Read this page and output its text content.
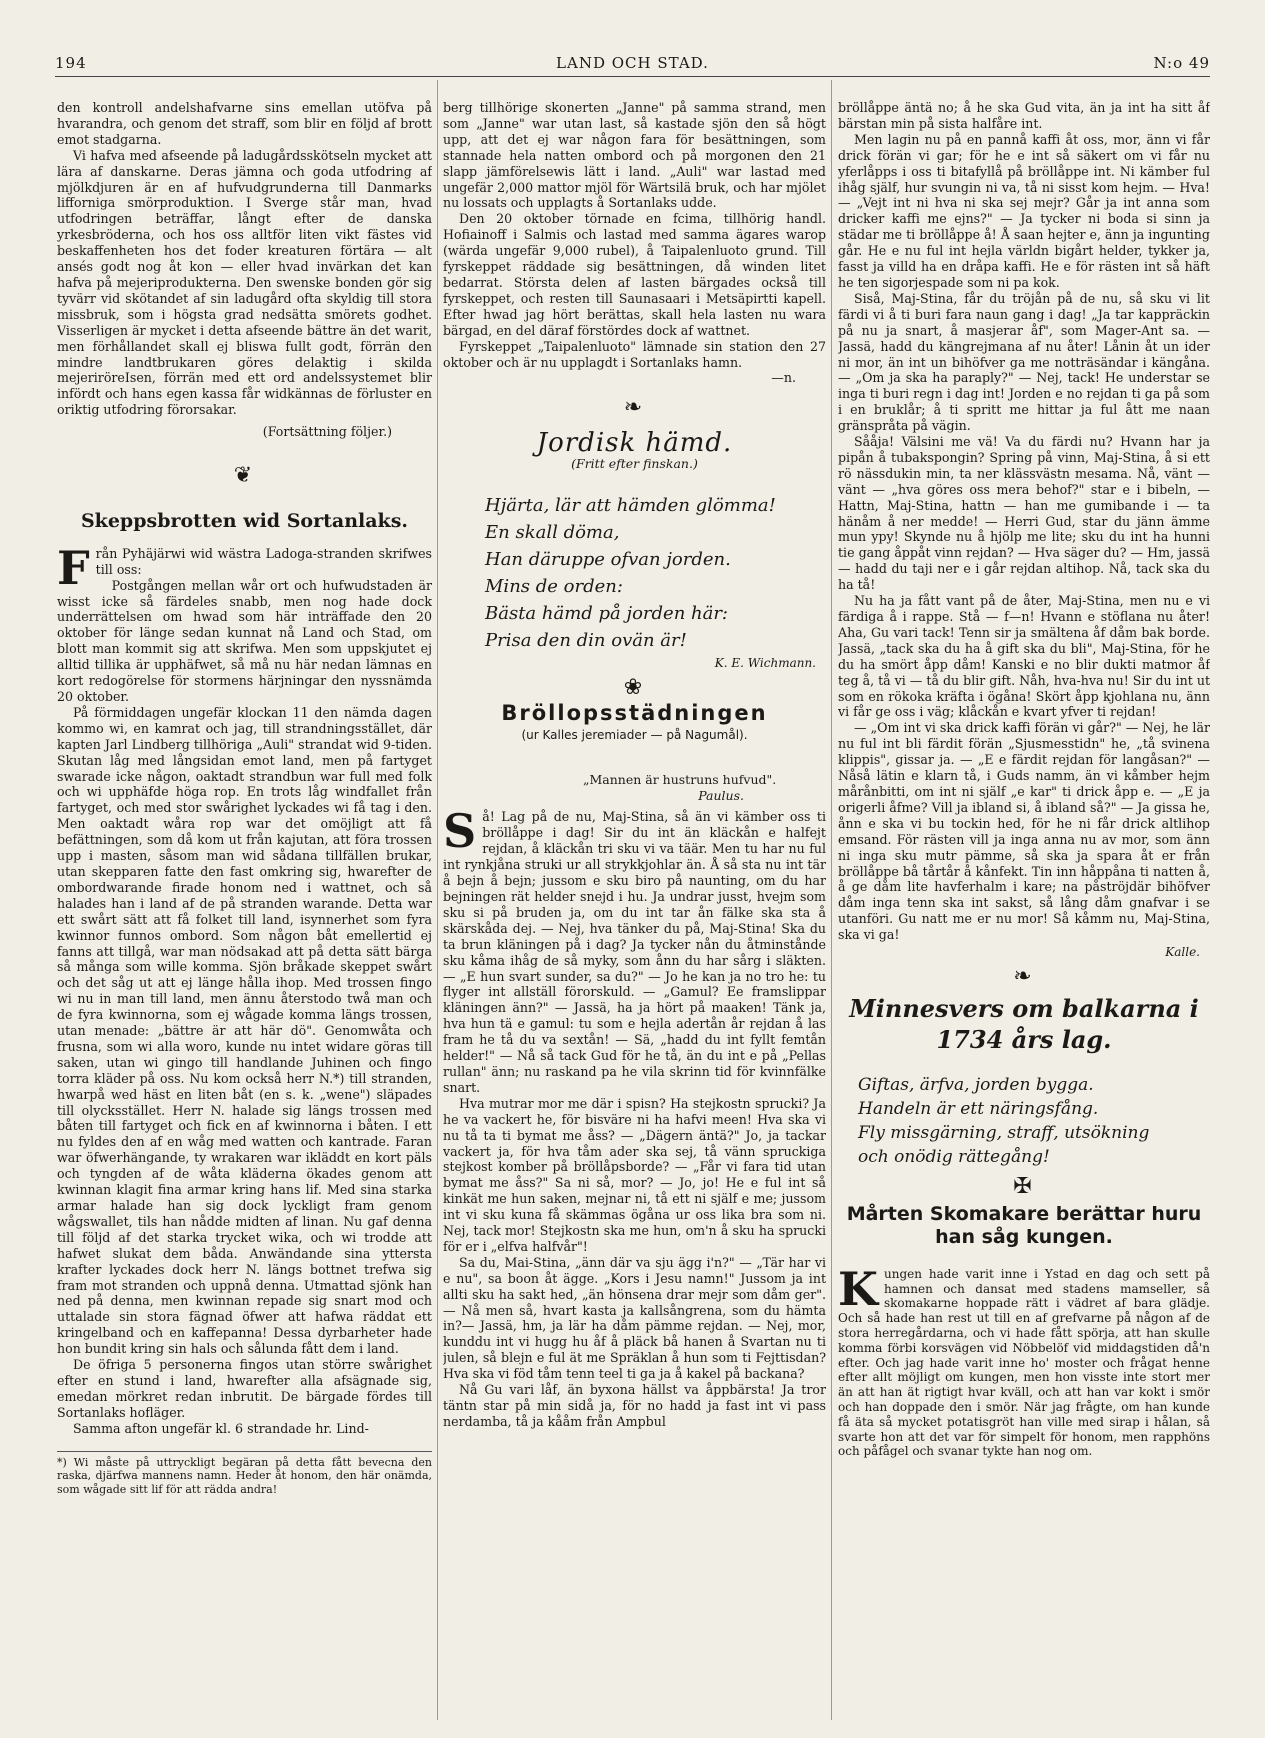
194	LAND OCH STAD.	N:o 49

den kontroll andelshafvarne sins emellan utöfva på hvarandra, och genom det straff, som blir en följd af brott emot stadgarna.

Vi hafva med afseende på ladugårdsskötseln mycket att lära af danskarne. Deras jämna och goda utfodring af mjölkdjuren är en af hufvudgrunderna till Danmarks lifforniga smörproduktion. I Sverge står man, hvad utfodringen beträffar, långt efter de danska yrkesbröderna, och hos oss alltför liten vikt fästes vid beskaffenheten hos det foder kreaturen förtära — alt ansés godt nog åt kon — eller hvad invärkan det kan hafva på mejeriprodukterna. Den swenske bonden gör sig tyvärr vid skötandet af sin ladugård ofta skyldig till stora missbruk, som i högsta grad nedsätta smörets godhet. Visserligen är mycket i detta afseende bättre än det warit, men förhållandet skall ej bliswa fullt godt, förrän den mindre landtbrukaren göres delaktig i skilda mejeriröreIsen, förrän med ett ord andelssystemet blir infördt och hans egen kassa får widkännas de förluster en oriktig utfodring förorsakar.

(Fortsättning följer.)

❦
Skeppsbrotten wid Sortanlaks.

Från Pyhäjärwi wid wästra Ladoga-stranden skrifwes till oss:

Postgången mellan wår ort och hufwudstaden är wisst icke så färdeles snabb, men nog hade dock underrättelsen om hwad som här inträffade den 20 oktober för länge sedan kunnat nå Land och Stad, om blott man kommit sig att skrifwa. Men som uppskjutet ej alltid tillika är upphäfwet, så må nu här nedan lämnas en kort redogörelse för stormens härjningar den nyssnämda 20 oktober.

På förmiddagen ungefär klockan 11 den nämda dagen kommo wi, en kamrat och jag, till strandningsstället, där kapten Jarl Lindberg tillhöriga „Auli" strandat wid 9-tiden. Skutan låg med långsidan emot land, men på fartyget swarade icke någon, oaktadt strandbun war full med folk och wi upphäfde höga rop. En trots låg windfallet från fartyget, och med stor swårighet lyckades wi få tag i den. Men oaktadt wåra rop war det omöjligt att få befättningen, som då kom ut från kajutan, att föra trossen upp i masten, såsom man wid sådana tillfällen brukar, utan skepparen fatte den fast omkring sig, hwarefter de ombordwarande firade honom ned i wattnet, och så halades han i land af de på stranden warande. Detta war ett swårt sätt att få folket till land, isynnerhet som fyra kwinnor funnos ombord. Som någon båt emellertid ej fanns att tillgå, war man nödsakad att på detta sätt bärga så många som wille komma. Sjön bråkade skeppet swårt och det såg ut att ej länge hålla ihop. Med trossen fingo wi nu in man till land, men ännu återstodo twå man och de fyra kwinnorna, som ej wågade komma längs trossen, utan menade: „bättre är att här dö". Genomwåta och frusna, som wi alla woro, kunde nu intet widare göras till saken, utan wi gingo till handlande Juhinen och fingo torra kläder på oss. Nu kom också herr N.*) till stranden, hwarpå wed häst en liten båt (en s. k. „wene") släpades till olycksstället. Herr N. halade sig längs trossen med båten till fartyget och fick en af kwinnorna i båten. I ett nu fyldes den af en wåg med watten och kantrade. Faran war öfwerhängande, ty wrakaren war ikläddt en kort päls och tyngden af de wåta kläderna ökades genom att kwinnan klagit fina armar kring hans lif. Med sina starka armar halade han sig dock lyckligt fram genom wågswallet, tils han nådde midten af linan. Nu gaf denna till följd af det starka trycket wika, och wi trodde att hafwet slukat dem båda. Anwändande sina yttersta krafter lyckades dock herr N. längs bottnet trefwa sig fram mot stranden och uppnå denna. Utmattad sjönk han ned på denna, men kwinnan repade sig snart mod och uttalade sin stora fägnad öfwer att hafwa räddat ett kringelband och en kaffepanna! Dessa dyrbarheter hade hon bundit kring sin hals och sålunda fått dem i land.

De öfriga 5 personerna fingos utan större swårighet efter en stund i land, hwarefter alla afsägnade sig, emedan mörkret redan inbrutit. De bärgade fördes till Sortanlaks hofläger.

Samma afton ungefär kl. 6 strandade hr. Lind-

*) Wi måste på uttryckligt begäran på detta fått bevecna den raska, djärfwa mannens namn. Heder åt honom, den här onämda, som wågade sitt lif för att rädda andra!

berg tillhörige skonerten „Janne" på samma strand, men som „Janne" war utan last, så kastade sjön den så högt upp, att det ej war någon fara för besättningen, som stannade hela natten ombord och på morgonen den 21 slapp jämförelsewis lätt i land. „Auli" war lastad med ungefär 2,000 mattor mjöl för Wärtsilä bruk, och har mjölet nu lossats och upplagts å Sortanlaks udde.

Den 20 oktober törnade en fcima, tillhörig handl. Hofiainoff i Salmis och lastad med samma ägares warор (wärda ungefär 9,000 rubel), å Taipalenluoto grund. Till fyrskeppet räddade sig besättningen, då winden litet bedarrat. Största delen af lasten bärgades också till fyrskeppet, och resten till Saunasaari i Metsäpirtti kapell. Efter hwad jag hört berättas, skall hela lasten nu wara bärgad, en del däraf förstördes dock af wattnet.

Fyrskeppet „Taipalenluoto" lämnade sin station den 27 oktober och är nu upplagdt i Sortanlaks hamn.

—n.
❧
Jordisk hämd.
(Fritt efter finskan.)
Hjärta, lär att hämden glömma!
En skall döma,
Han däruppe ofvan jorden.
Mins de orden:
Bästa hämd på jorden här:
Prisa den din ovän är!
K. E. Wichmann.
❀
Bröllopsstädningen
(ur Kalles jeremiader — på Nagumål).
„Mannen är hustruns hufvud".
Paulus.

Så! Lag på de nu, Maj-Stina, så än vi kämber oss ti bröllåppe i dag! Sir du int än kläckån e halfejt rejdan, å kläckån tri sku vi va täär. Men tu har nu ful int rynkjåna struki ur all strykkjohlar än. Å så sta nu int tär å bejn å bejn; jussom e sku biro på naunting, om du har bejningen rät helder snejd i hu. Ja undrar jusst, hvejm som sku si på bruden ja, om du int tar ån fälke ska sta å skärskåda dej. — Nej, hva tänker du på, Maj-Stina! Ska du ta brun kläningen på i dag? Ja tycker nån du åtminstånde sku kåma ihåg de så myky, som ånn du har sårg i släkten. — „E hun svart sunder, sa du?" — Jo he kan ja no tro he: tu flyger int allställ förorskuld. — „Gamul? Ee framslippar kläningen änn?" — Jassä, ha ja hört på maaken! Tänk ja, hva hun tä e gamul: tu som e hejla adertån år rejdan å las fram he tå du va sextån! — Sä, „hadd du int fyllt femtån helder!" — Nå så tack Gud för he tå, än du int e på „Pellas rullan" änn; nu raskand pa he vila skrinn tid för kvinnfälke snart.

Hva mutrar mor me där i spisn? Ha stejkostn sprucki? Ja he va vackert he, för bisväre ni ha hafvi meen! Hva ska vi nu tå ta ti bymat me åss? — „Dägern äntä?" Jo, ja tackar vackert ja, för hva tåm ader ska sej, tå vänn spruckiga stejkost komber på bröllåpsborde? — „Får vi fara tid utan bymat me åss?" Sa ni så, mor? — Jo, jo! He e ful int så kinkät me hun saken, mejnar ni, tå ett ni själf e me; jussom int vi sku kuna få skämmas ögåna ur oss lika bra som ni. Nej, tack mor! Stejkostn ska me hun, om'n å sku ha sprucki för er i „elfva halfvår"!

Sa du, Mai-Stina, „änn där va sju ägg i'n?" — „Tär har vi e nu", sa boon åt äggе. „Kors i Jesu namn!" Jussom ja int allti sku ha sakt hed, „än hönsena drar mejr som dåm ger". — Nå men så, hvart kasta ja kallsångrena, som du hämta in?— Jassä, hm, ja lär ha dåm pämme rejdan. — Nej, mor, kunddu int vi hugg hu åf å pläck bå hanen å Svartan nu ti julen, så blejn e ful ät me Spräklan å hun som ti Fejttisdan? Hva ska vi föd tåm tenn teel ti ga ja å kakel på backana?

Nå Gu vari låf, än byxona hällst va åppbärsta! Ja tror täntn star på min sidå ja, för no hadd ja fast int vi pass nerdamba, tå ja kååm från Ampbul

bröllåppe äntä no; å he ska Gud vita, än ja int ha sitt åf bärstan min på sista halfåre int.

Men lagin nu på en pannå kaffi åt oss, mor, änn vi får drick förän vi gar; för he e int så säkert om vi får nu yferlåpps i oss ti bitafyllå på bröllåppe int. Ni kämber ful ihåg själf, hur svungin ni va, tå ni sisst kom hejm. — Hva! — „Vejt int ni hva ni ska sej mejr? Går ja int anna som dricker kaffi me ejns?" — Ja tycker ni boda si sinn ja städar me ti bröllåppe å! Å saan hejter e, änn ja ingunting går. He e nu ful int hejla världn bigårt helder, tykker ja, fasst ja villd ha en dråpa kaffi. He e för rästen int så häft he ten sigorjespade som ni pa kok.

Siså, Maj-Stina, får du tröjån på de nu, så sku vi lit färdi vi å ti buri fara naun gang i dag! „Ja tar kappräckin på nu ja snart, å masjerar åf", som Mager-Ant sa. — Jassä, hadd du kängrejmana af nu åter! Lånin åt un ider ni mor, än int un bihöfver ga me notträsändar i kängåna. — „Om ja ska ha paraply?" — Nej, tack! He understar se inga ti buri regn i dag int! Jorden e no rejdan ti ga på som i en bruklår; å ti spritt me hittar ja ful ått me naan gränspråta på vägin.

Sååja! Välsini me vä! Va du färdi nu? Hvann har ja pipån å tubakspongin? Spring på vinn, Maj-Stina, å si ett rö nässdukin min, ta ner klässvästn mesama. Nå, vänt — vänt — „hva göres oss mera behof?" star e i bibeln, — Hattn, Maj-Stina, hattn — han me gumibande i — ta hänåm å ner medde! — Herri Gud, star du jänn ämme mun ypy! Skynde nu å hjölp me lite; sku du int ha hunni tie gang åppåt vinn rejdan? — Hva säger du? — Hm, jassä — hadd du taji ner e i går rejdan altihop. Nå, tack ska du ha tå!

Nu ha ja fått vant på de åter, Maj-Stina, men nu e vi färdiga å i rappe. Stå — f—n! Hvann e stöflana nu åter! Aha, Gu vari tack! Tenn sir ja smältena åf dåm bak borde. Jassä, „tack ska du ha å gift ska du bli", Maj-Stina, för he du ha smört åpp dåm! Kanski e no blir dukti matmor åf teg å, tå vi — tå du blir gift. Nåh, hva-hva nu! Sir du int ut som en rökoka kräfta i ögåna! Skört åpp kjohlana nu, änn vi får ge oss i väg; klåckån e kvart yfver ti rejdan!

— „Om int vi ska drick kaffi förän vi går?" — Nej, he lär nu ful int bli färdit förän „Sjusmesstidn" he, „tå svinena klippis", gissar ja. — „E e färdit rejdan för langåsan?" — Nåså lätin e klarn tå, i Guds namm, än vi kåmber hejm mårånbitti, om int ni själf „e kar" ti drick åpp e. — „E ja origerli åfme? Vill ja ibland si, å ibland så?" — Ja gissa he, ånn e ska vi bu tockin hed, för he ni får drick altlihop emsand. För rästen vill ja inga anna nu av mor, som änn ni inga sku mutr pämme, så ska ja spara åt er från bröllåppe bå tårtår å kånfekt. Tin inn håppåna ti natten å, å ge dåm lite havferhalm i kare; na påströjdär bihöfver dåm inga tenn ska int sakst, så lång dåm gnafvar i se utanföri. Gu natt me er nu mor! Så kåmm nu, Maj-Stina, ska vi ga!

Kalle.
❧
Minnesvers om balkarna i 1734 års lag.
Giftas, ärfva, jorden bygga.
Handeln är ett näringsfång.
Fly missgärning, straff, utsökning
och onödig rättegång!
✠
Mårten Skomakare berättar huru han såg kungen.

Kungen hade varit inne i Ystad en dag och sett på hamnen och dansat med stadens mamseller, så skomakarne hoppade rätt i vädret af bara glädje. Och så hade han rest ut till en af grefvarne på någon af de stora herregårdarna, och vi hade fått spörja, att han skulle komma förbi korsvägen vid Nöbbelöf vid middagstiden då'n efter. Och jag hade varit inne ho' moster och frågat henne efter allt möjligt om kungen, men hon visste inte stort mer än att han ät rigtigt hvar kväll, och att han var kokt i smör och han doppade den i smör. När jag frågte, om han kunde få äta så mycket potatisgröt han ville med sirap i hålan, så svarte hon att det var för simpelt för honom, men rapphöns och påfågel och svanar tykte han nog om.
